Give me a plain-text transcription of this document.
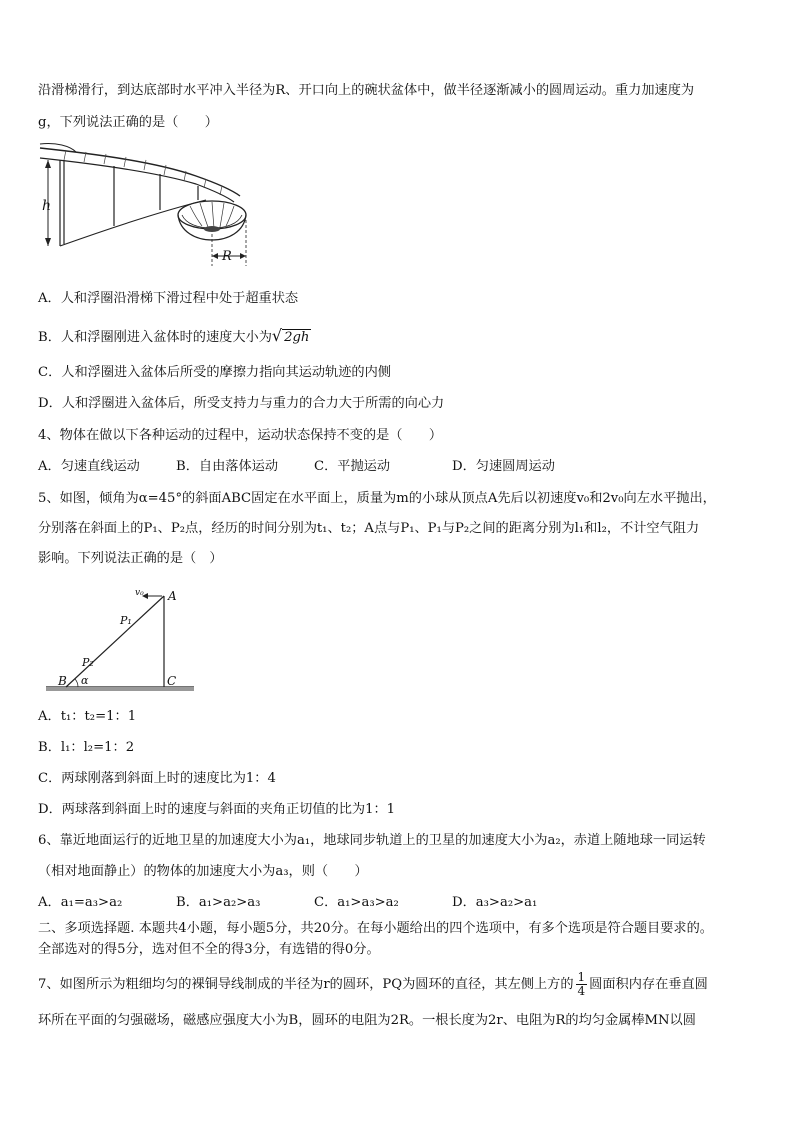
沿滑梯滑行，到达底部时水平冲入半径为R、开口向上的碗状盆体中，做半径逐渐减小的圆周运动。重力加速度为
g，下列说法正确的是（　　）
h
R
A．人和浮圈沿滑梯下滑过程中处于超重状态
B．人和浮圈刚进入盆体时的速度大小为√ 2gh
C．人和浮圈进入盆体后所受的摩擦力指向其运动轨迹的内侧
D．人和浮圈进入盆体后，所受支持力与重力的合力大于所需的向心力
4、物体在做以下各种运动的过程中，运动状态保持不变的是（　　）
A．匀速直线运动	B．自由落体运动	C．平抛运动	D．匀速圆周运动
5、如图，倾角为α=45°的斜面ABC固定在水平面上，质量为m的小球从顶点A先后以初速度v₀和2v₀向左水平抛出，
分别落在斜面上的P₁、P₂点，经历的时间分别为t₁、t₂；A点与P₁、P₁与P₂之间的距离分别为l₁和l₂，不计空气阻力
影响。下列说法正确的是（　）
v₀ A
P₁
P₂
B α	C
A．t₁：t₂=1：1
B．l₁：l₂=1：2
C．两球刚落到斜面上时的速度比为1：4
D．两球落到斜面上时的速度与斜面的夹角正切值的比为1：1
6、靠近地面运行的近地卫星的加速度大小为a₁，地球同步轨道上的卫星的加速度大小为a₂，赤道上随地球一同运转
（相对地面静止）的物体的加速度大小为a₃，则（　　）
A．a₁=a₃>a₂	B．a₁>a₂>a₃	C．a₁>a₃>a₂	D．a₃>a₂>a₁
二、多项选择题. 本题共4小题，每小题5分，共20分。在每小题给出的四个选项中，有多个选项是符合题目要求的。
全部选对的得5分，选对但不全的得3分，有选错的得0分。
7、如图所示为粗细均匀的裸铜导线制成的半径为r的圆环，PQ为圆环的直径，其左侧上方的 $\frac{1}{4}$ 圆面积内存在垂直圆
环所在平面的匀强磁场，磁感应强度大小为B，圆环的电阻为2R。一根长度为2r、电阻为R的均匀金属棒MN以圆
